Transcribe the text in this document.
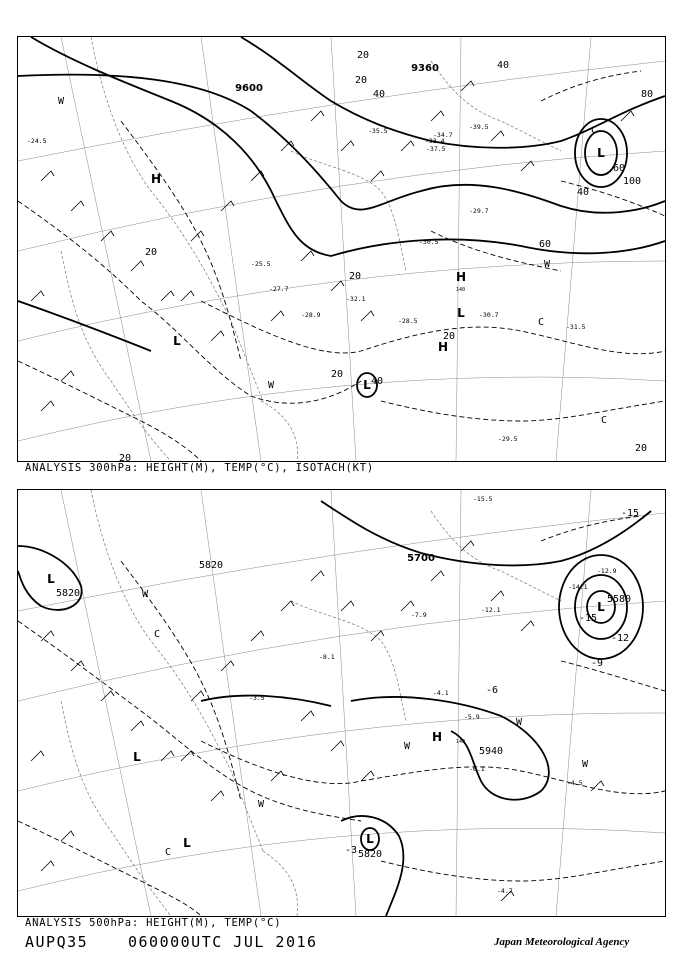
H
H
H
L
L
L
L
W
W
W
C
C
C
9600
9360
20
20
40
40
80
60
100
40
60
20
20
20
40
20
20
20
-30.7
-31.5
-32.1
-28.5
-27.7
-29.7
-29.5
-30.5
-33.4
-34.7
-37.5
-39.5
-35.5
-25.5
-28.9
-24.5
140
ANALYSIS 300hPa: HEIGHT(M), TEMP(°C), ISOTACH(KT)
L
L
L
L	L
H
W
W
W
W
W
C
C
5700
5580
5820
5820
5940
5820
-3
-9
-12
-15
-6
-15
-4.1
-4.5
-6.1
-12.1
-14.1
-15.5
-5.9
-3.5
-4.7
-12.9
-7.9
-8.1
140
ANALYSIS 500hPa: HEIGHT(M), TEMP(°C)
AUPQ35	060000UTC JUL 2016	Japan Meteorological Agency
